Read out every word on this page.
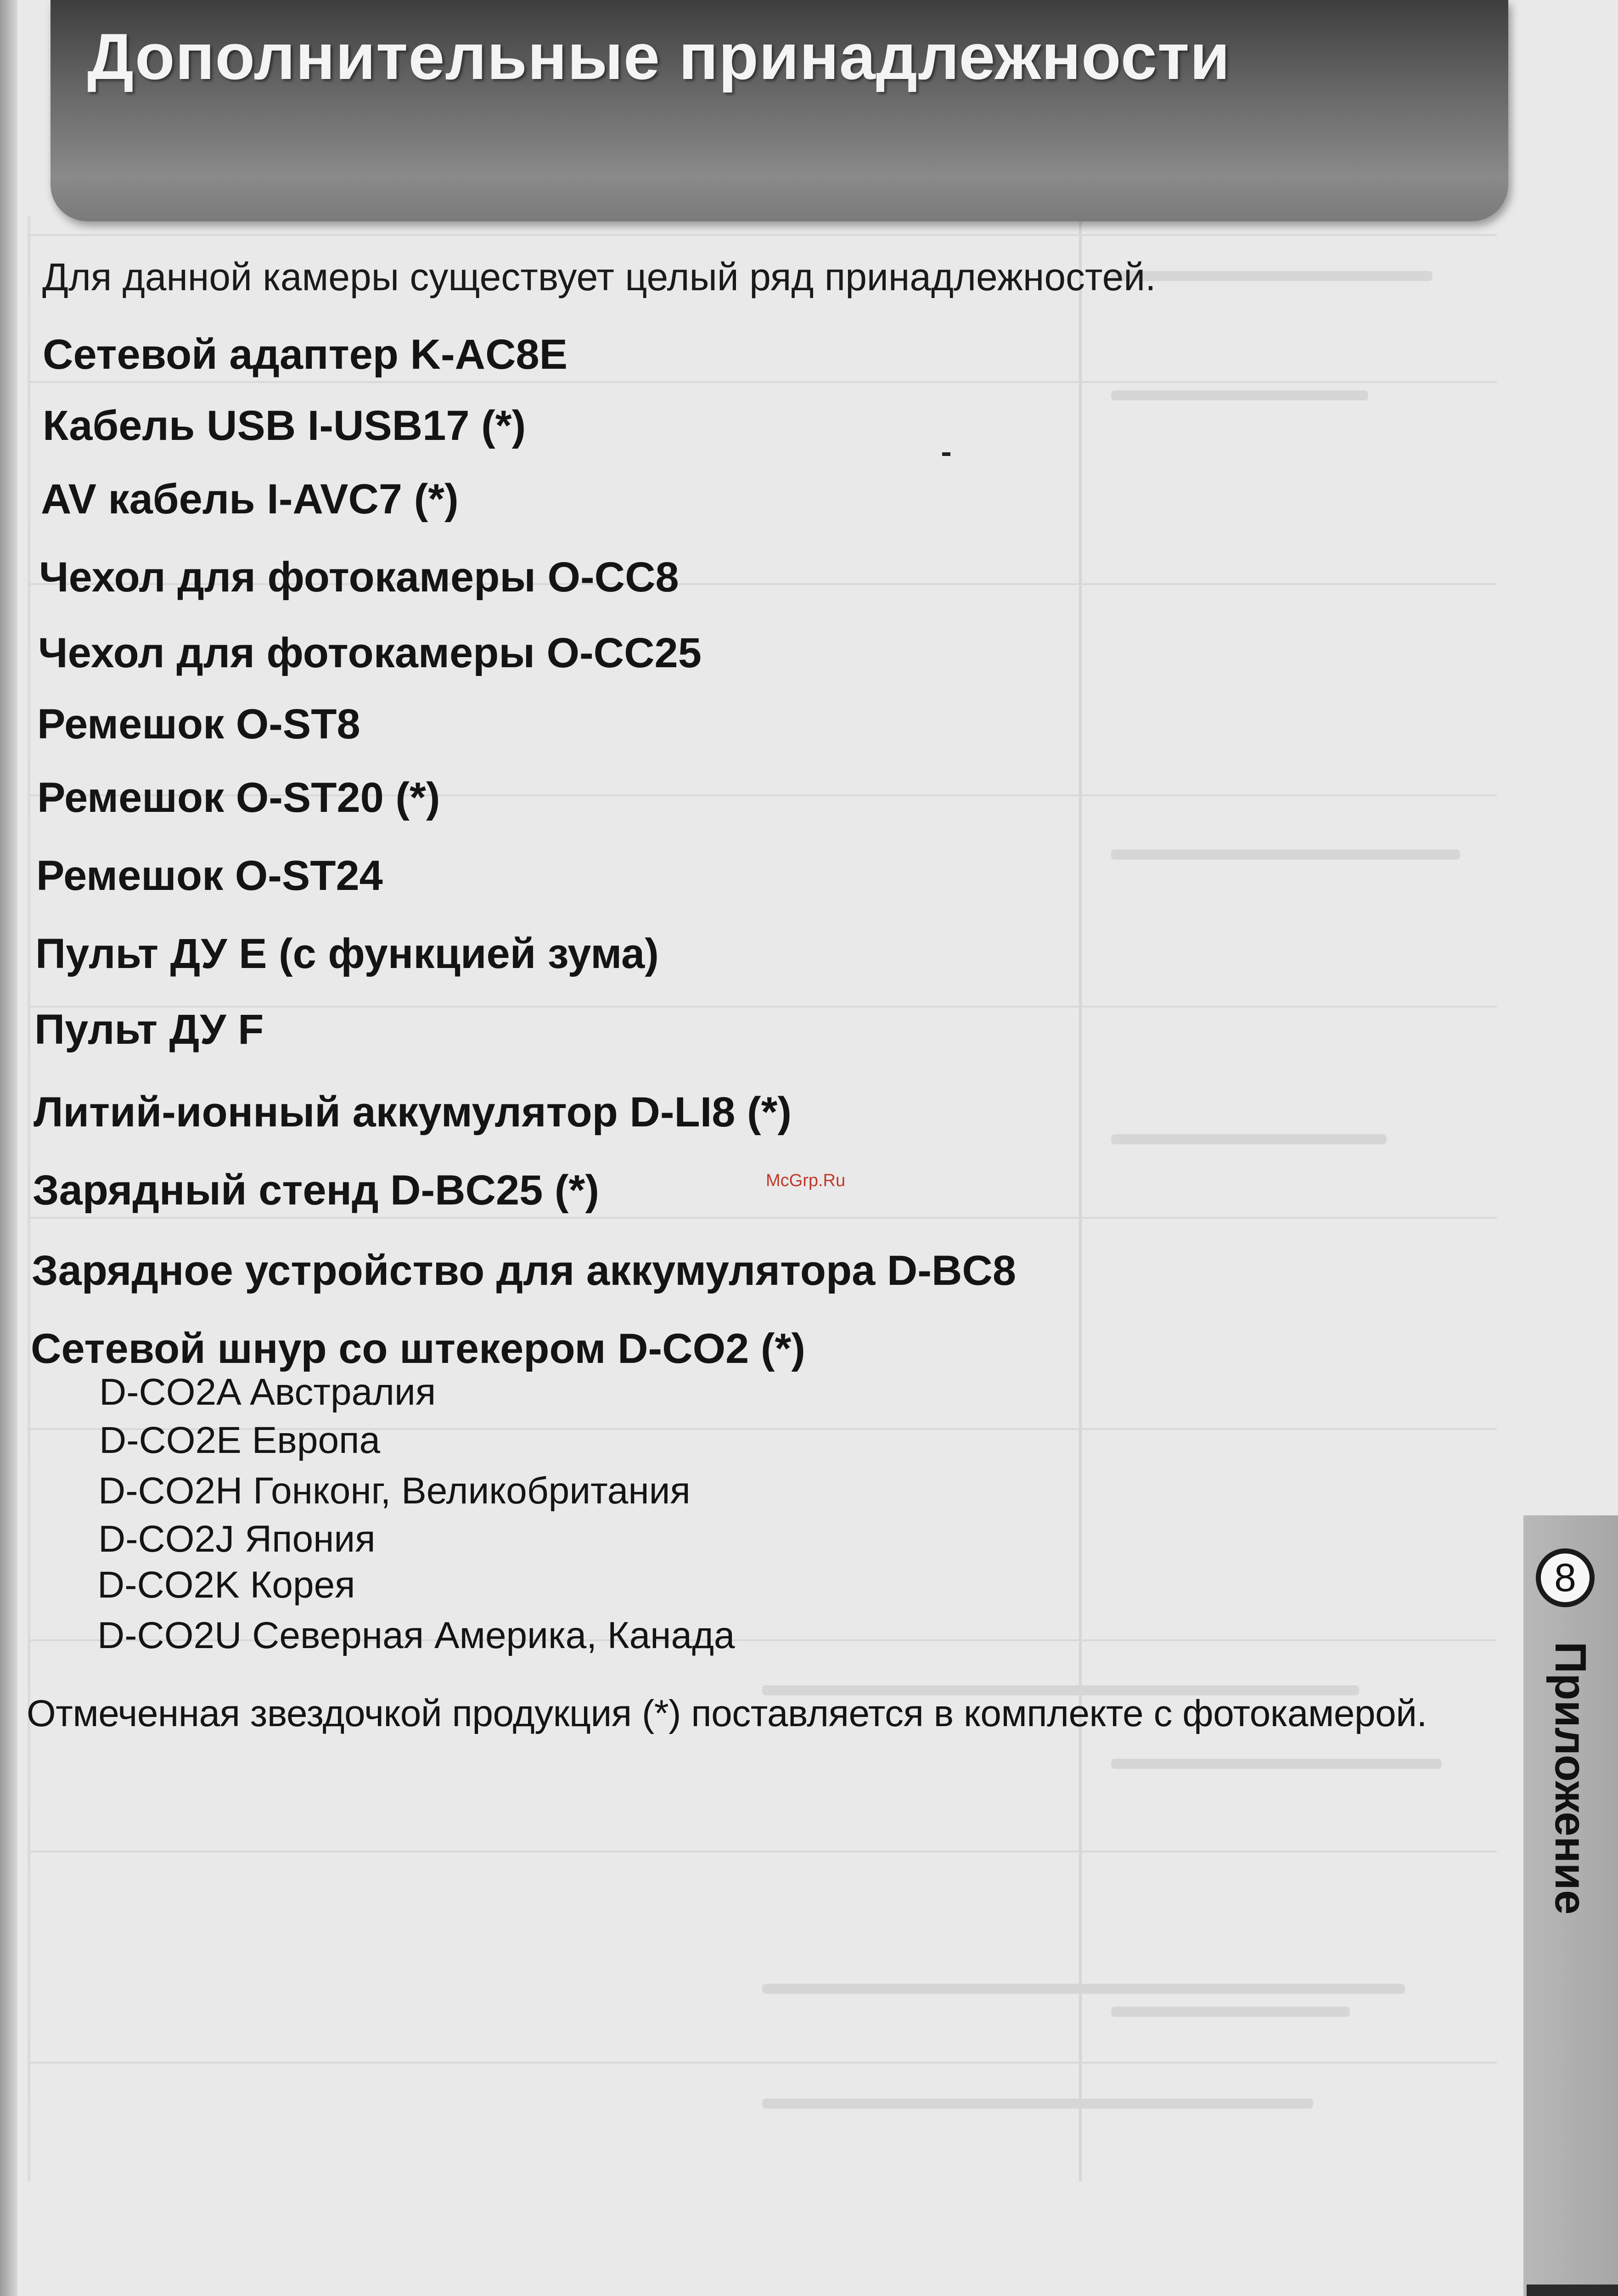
Дополнительные принадлежности
Для данной камеры существует целый ряд принадлежностей.
Сетевой адаптер K-AC8E
Кабель USB I-USB17 (*)
AV кабель I-AVC7 (*)
Чехол для фотокамеры O-CC8
Чехол для фотокамеры O-CC25
Ремешок O-ST8
Ремешок O-ST20 (*)
Ремешок O-ST24
Пульт ДУ E (с функцией зума)
Пульт ДУ F
Литий-ионный аккумулятор D-LI8 (*)
Зарядный стенд D-BC25 (*)
Зарядное устройство для аккумулятора D-BC8
Сетевой шнур со штекером D-CO2 (*)
D-CO2A Австралия
D-CO2E Европа
D-CO2H Гонконг, Великобритания
D-CO2J Япония
D-CO2K Корея
D-CO2U Северная Америка, Канада
Отмеченная звездочкой продукция (*) поставляется в комплекте с фотокамерой.
McGrp.Ru
8
Приложение
